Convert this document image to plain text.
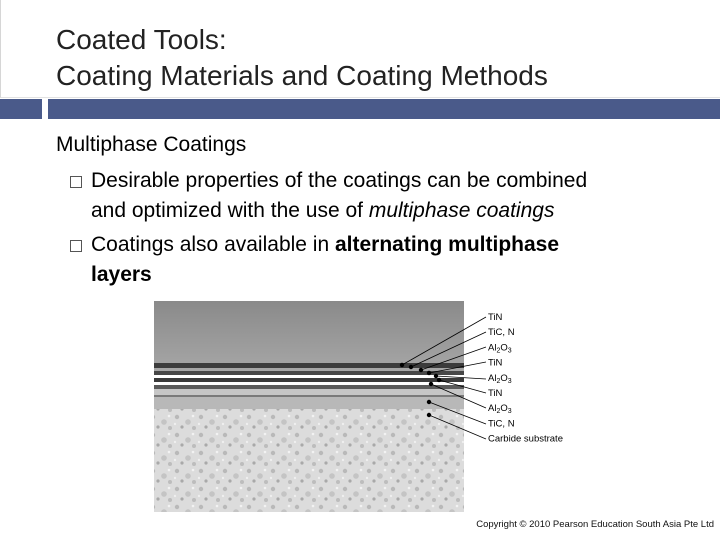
Coated Tools:
Coating Materials and Coating Methods
Multiphase Coatings
Desirable properties of the coatings can be combined
and optimized with the use of multiphase coatings
Coatings also available in alternating multiphase
layers
TiN
TiC, N
$Al_2O_3$
TiN
$Al_2O_3$
TiN
$Al_2O_3$
TiC, N
Carbide substrate
Copyright © 2010 Pearson Education South Asia Pte Ltd
